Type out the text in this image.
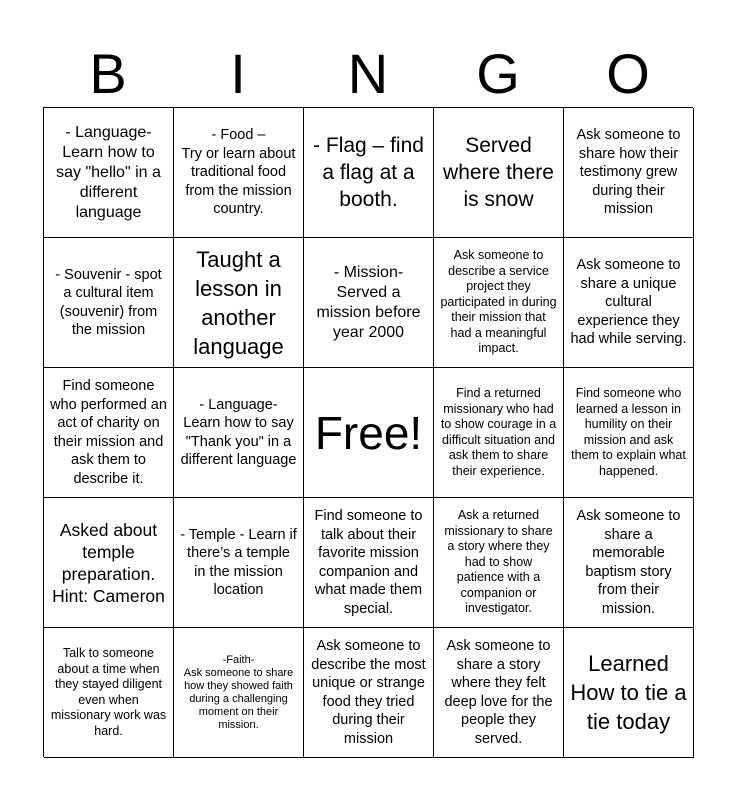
B	I	N	G	O
- Language-
Learn how to say "hello" in a different language
- Food –
Try or learn about traditional food from the mission country.
- Flag – find a flag at a booth.
Served where there is snow
Ask someone to share how their testimony grew during their mission
- Souvenir - spot a cultural item (souvenir) from the mission
Taught a lesson in another language
- Mission- Served a mission before year 2000
Ask someone to describe a service project they participated in during their mission that had a meaningful impact.
Ask someone to share a unique cultural experience they had while serving.
Find someone who performed an act of charity on their mission and ask them to describe it.
- Language-
Learn how to say "Thank you" in a different language
Free!
Find a returned missionary who had to show courage in a difficult situation and ask them to share their experience.
Find someone who learned a lesson in humility on their mission and ask them to explain what happened.
Asked about temple preparation. Hint: Cameron
- Temple - Learn if there’s a temple in the mission location
Find someone to talk about their favorite mission companion and what made them special.
Ask a returned missionary to share a story where they had to show patience with a companion or investigator.
Ask someone to share a memorable baptism story from their mission.
Talk to someone about a time when they stayed diligent even when missionary work was hard.
-Faith-
Ask someone to share how they showed faith during a challenging moment on their mission.
Ask someone to describe the most unique or strange food they tried during their mission
Ask someone to share a story where they felt deep love for the people they served.
Learned How to tie a tie today
